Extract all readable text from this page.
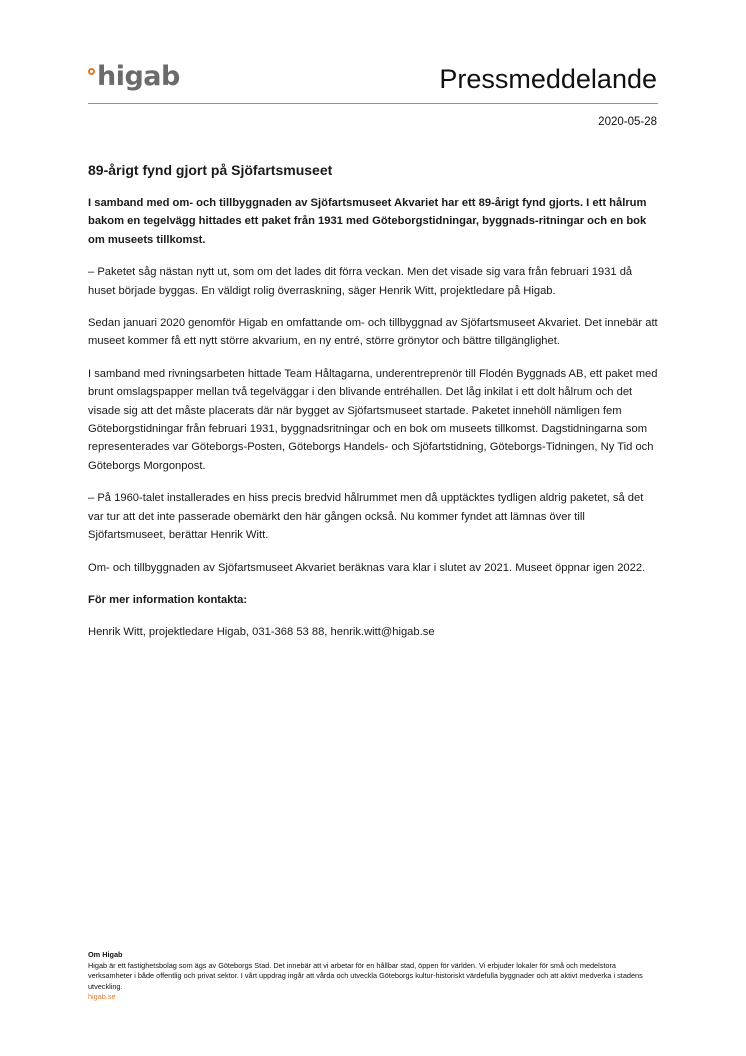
higab	Pressmeddelande
2020-05-28
89-årigt fynd gjort på Sjöfartsmuseet

I samband med om- och tillbyggnaden av Sjöfartsmuseet Akvariet har ett 89-årigt fynd gjorts. I ett hålrum bakom en tegelvägg hittades ett paket från 1931 med Göteborgstidningar, byggnads-ritningar och en bok om museets tillkomst.

– Paketet såg nästan nytt ut, som om det lades dit förra veckan. Men det visade sig vara från februari 1931 då huset började byggas. En väldigt rolig överraskning, säger Henrik Witt, projektledare på Higab.

Sedan januari 2020 genomför Higab en omfattande om- och tillbyggnad av Sjöfartsmuseet Akvariet. Det innebär att museet kommer få ett nytt större akvarium, en ny entré, större grönytor och bättre tillgänglighet.

I samband med rivningsarbeten hittade Team Håltagarna, underentreprenör till Flodén Byggnads AB, ett paket med brunt omslagspapper mellan två tegelväggar i den blivande entréhallen. Det låg inkilat i ett dolt hålrum och det visade sig att det måste placerats där när bygget av Sjöfartsmuseet startade. Paketet innehöll nämligen fem Göteborgstidningar från februari 1931, byggnadsritningar och en bok om museets tillkomst. Dagstidningarna som representerades var Göteborgs-Posten, Göteborgs Handels- och Sjöfartstidning, Göteborgs-Tidningen, Ny Tid och Göteborgs Morgonpost.

– På 1960-talet installerades en hiss precis bredvid hålrummet men då upptäcktes tydligen aldrig paketet, så det var tur att det inte passerade obemärkt den här gången också. Nu kommer fyndet att lämnas över till Sjöfartsmuseet, berättar Henrik Witt.

Om- och tillbyggnaden av Sjöfartsmuseet Akvariet beräknas vara klar i slutet av 2021. Museet öppnar igen 2022.

För mer information kontakta:

Henrik Witt, projektledare Higab, 031-368 53 88, henrik.witt@higab.se

Om Higab
Higab är ett fastighetsbolag som ägs av Göteborgs Stad. Det innebär att vi arbetar för en hållbar stad, öppen för världen. Vi erbjuder lokaler för små och medelstora verksamheter i både offentlig och privat sektor. I vårt uppdrag ingår att vårda och utveckla Göteborgs kultur-historiskt värdefulla byggnader och att aktivt medverka i stadens utveckling.
higab.se
